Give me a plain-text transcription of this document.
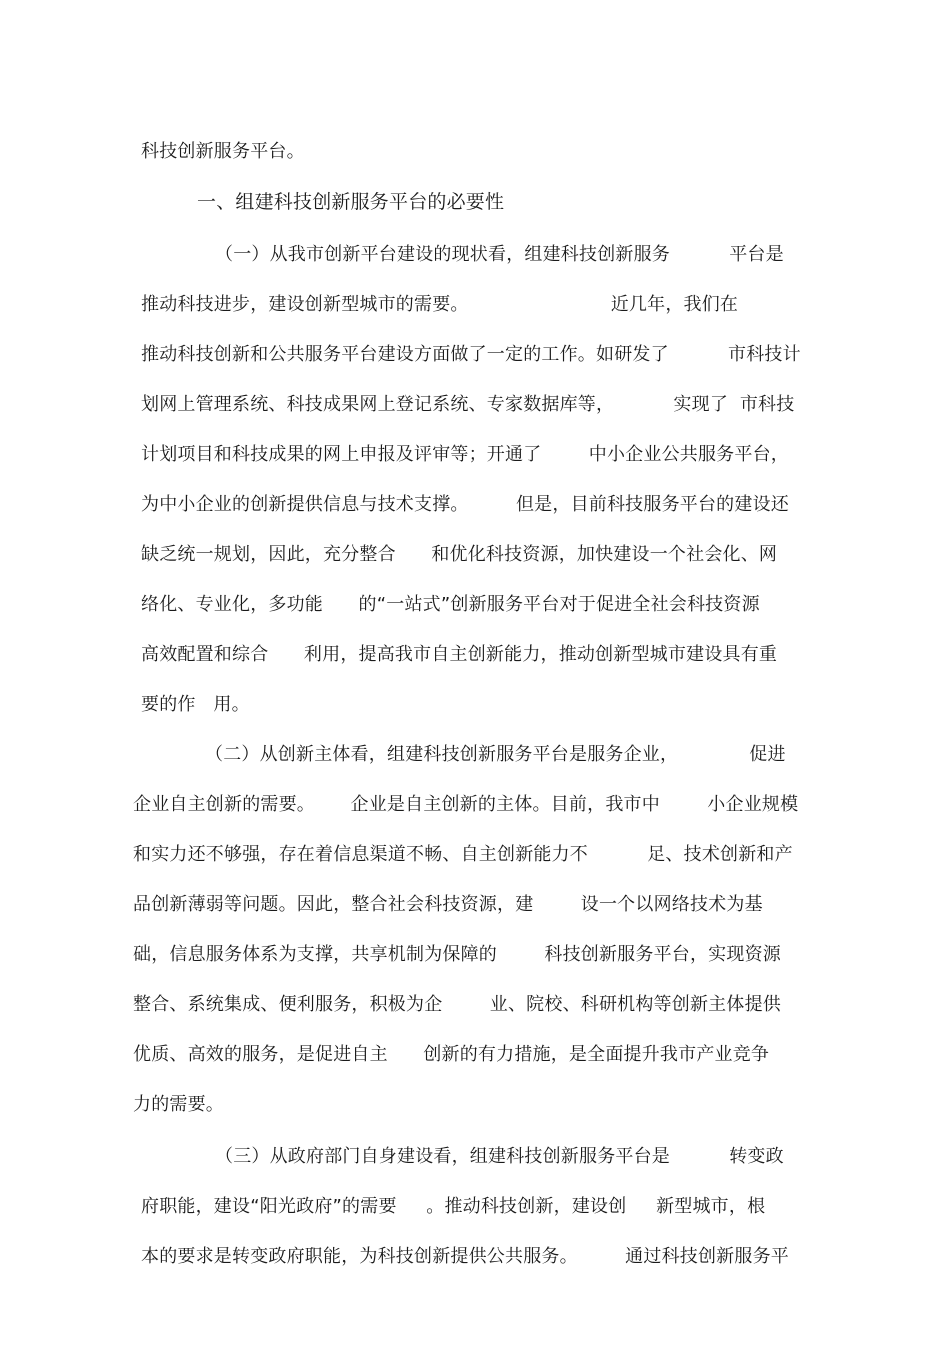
科技创新服务平台。
一、组建科技创新服务平台的必要性
（一）从我市创新平台建设的现状看，组建科技创新服务          平台是
推动科技进步，建设创新型城市的需要。                        近几年，我们在
推动科技创新和公共服务平台建设方面做了一定的工作。如研发了          市科技计
划网上管理系统、科技成果网上登记系统、专家数据库等，          实现了  市科技
计划项目和科技成果的网上申报及评审等；开通了        中小企业公共服务平台，
为中小企业的创新提供信息与技术支撑。        但是，目前科技服务平台的建设还
缺乏统一规划，因此，充分整合      和优化科技资源，加快建设一个社会化、网
络化、专业化，多功能      的“一站式”创新服务平台对于促进全社会科技资源
高效配置和综合      利用，提高我市自主创新能力，推动创新型城市建设具有重
要的作   用。
（二）从创新主体看，组建科技创新服务平台是服务企业，            促进
企业自主创新的需要。      企业是自主创新的主体。目前，我市中        小企业规模
和实力还不够强，存在着信息渠道不畅、自主创新能力不          足、技术创新和产
品创新薄弱等问题。因此，整合社会科技资源，建        设一个以网络技术为基
础，信息服务体系为支撑，共享机制为保障的        科技创新服务平台，实现资源
整合、系统集成、便利服务，积极为企        业、院校、科研机构等创新主体提供
优质、高效的服务，是促进自主      创新的有力措施，是全面提升我市产业竞争
力的需要。
（三）从政府部门自身建设看，组建科技创新服务平台是          转变政
府职能，建设“阳光政府”的需要     。推动科技创新，建设创     新型城市，根
本的要求是转变政府职能，为科技创新提供公共服务。        通过科技创新服务平
